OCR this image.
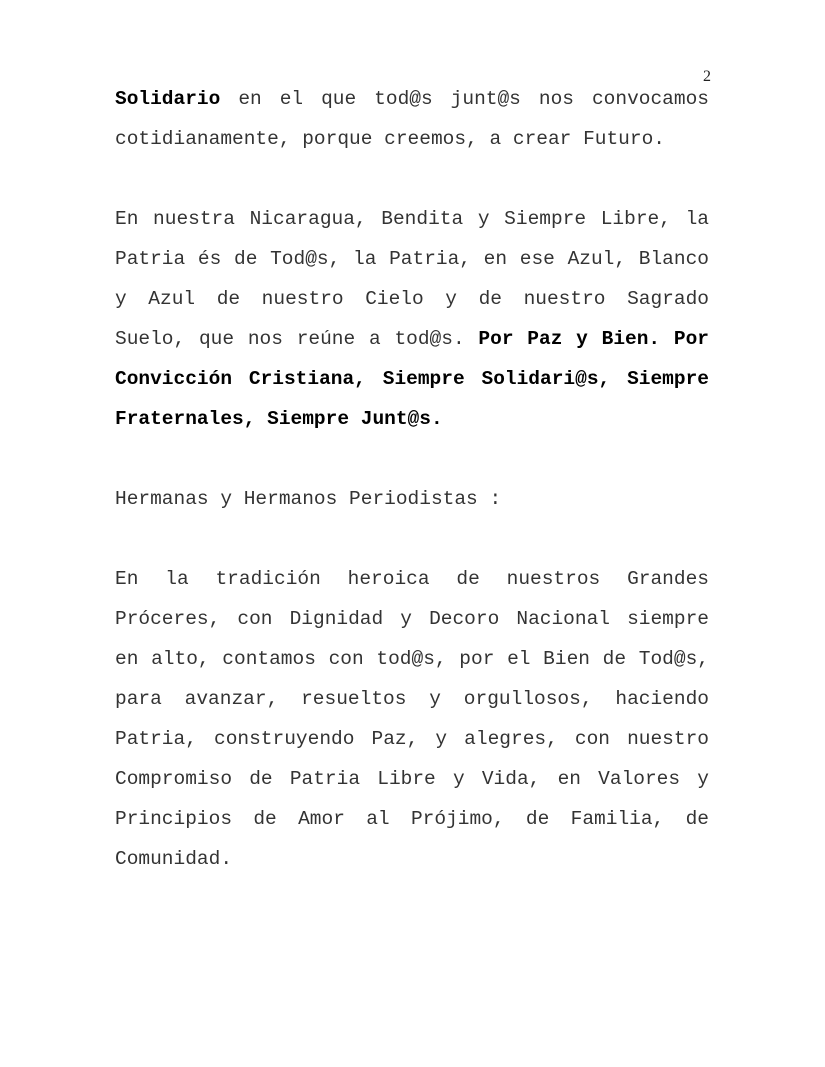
2

Solidario en el que tod@s junt@s nos convocamos cotidianamente, porque creemos, a crear Futuro.

En nuestra Nicaragua, Bendita y Siempre Libre, la Patria és de Tod@s, la Patria, en ese Azul, Blanco y Azul de nuestro Cielo y de nuestro Sagrado Suelo, que nos reúne a tod@s. Por Paz y Bien. Por Convicción Cristiana, Siempre Solidari@s, Siempre Fraternales, Siempre Junt@s.

Hermanas y Hermanos Periodistas :

En la tradición heroica de nuestros Grandes Próceres, con Dignidad y Decoro Nacional siempre en alto, contamos con tod@s, por el Bien de Tod@s, para avanzar, resueltos y orgullosos, haciendo Patria, construyendo Paz, y alegres, con nuestro Compromiso de Patria Libre y Vida, en Valores y Principios de Amor al Prójimo, de Familia, de Comunidad.
